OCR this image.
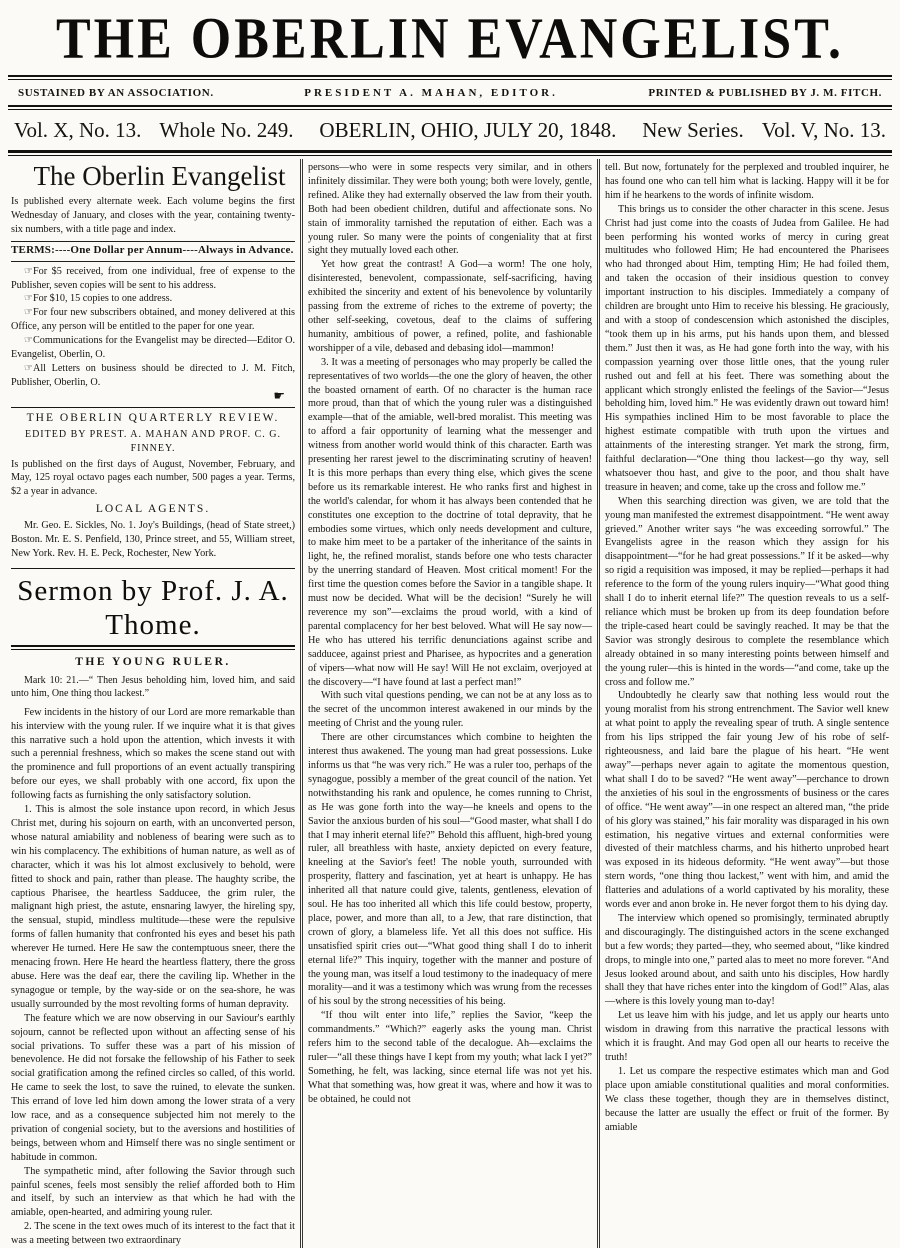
THE OBERLIN EVANGELIST.
SUSTAINED BY AN ASSOCIATION.	PRESIDENT A. MAHAN, EDITOR.	PRINTED & PUBLISHED BY J. M. FITCH.
Vol. X, No. 13. Whole No. 249. OBERLIN, OHIO, JULY 20, 1848. New Series. Vol. V, No. 13.

The Oberlin Evangelist

Is published every alternate week. Each volume begins the first Wednesday of January, and closes with the year, containing twenty-six numbers, with a title page and index.

TERMS:----One Dollar per Annum----Always in Advance.

☞For $5 received, from one individual, free of expense to the Publisher, seven copies will be sent to his address.

☞For $10, 15 copies to one address.

☞For four new subscribers obtained, and money delivered at this Office, any person will be entitled to the paper for one year.

☞Communications for the Evangelist may be directed—Editor O. Evangelist, Oberlin, O.

☞All Letters on business should be directed to J. M. Fitch, Publisher, Oberlin, O.

☛

THE OBERLIN QUARTERLY REVIEW.

EDITED BY PREST. A. MAHAN AND PROF. C. G. FINNEY.

Is published on the first days of August, November, February, and May, 125 royal octavo pages each number, 500 pages a year. Terms, $2 a year in advance.

LOCAL AGENTS.

Mr. Geo. E. Sickles, No. 1. Joy's Buildings, (head of State street,) Boston. Mr. E. S. Penfield, 130, Prince street, and 55, William street, New York. Rev. H. E. Peck, Rochester, New York.

Sermon by Prof. J. A. Thome.

THE YOUNG RULER.

Mark 10: 21.—“ Then Jesus beholding him, loved him, and said unto him, One thing thou lackest.”

Few incidents in the history of our Lord are more remarkable than his interview with the young ruler. If we inquire what it is that gives this narrative such a hold upon the attention, which invests it with such a perennial freshness, which so makes the scene stand out with the prominence and full proportions of an event actually transpiring before our eyes, we shall probably with one accord, fix upon the following facts as furnishing the only satisfactory solution.

1. This is almost the sole instance upon record, in which Jesus Christ met, during his sojourn on earth, with an unconverted person, whose natural amiability and nobleness of bearing were such as to win his complacency. The exhibitions of human nature, as well as of character, which it was his lot almost exclusively to behold, were fitted to shock and pain, rather than please. The haughty scribe, the captious Pharisee, the heartless Sadducee, the grim ruler, the malignant high priest, the astute, ensnaring lawyer, the hireling spy, the sensual, stupid, mindless multitude—these were the repulsive forms of fallen humanity that confronted his eyes and beset his path wherever He turned. Here He saw the contemptuous sneer, there the menacing frown. Here He heard the heartless flattery, there the gross abuse. Here was the deaf ear, there the caviling lip. Whether in the synagogue or temple, by the way-side or on the sea-shore, he was usually surrounded by the most revolting forms of human depravity.

The feature which we are now observing in our Saviour's earthly sojourn, cannot be reflected upon without an affecting sense of his social privations. To suffer these was a part of his mission of benevolence. He did not forsake the fellowship of his Father to seek social gratification among the refined circles so called, of this world. He came to seek the lost, to save the ruined, to elevate the sunken. This errand of love led him down among the lower strata of a very low race, and as a consequence subjected him not merely to the privation of congenial society, but to the aversions and hostilities of beings, between whom and Himself there was no single sentiment or habitude in common.

The sympathetic mind, after following the Savior through such painful scenes, feels most sensibly the relief afforded both to Him and itself, by such an interview as that which he had with the amiable, open-hearted, and admiring young ruler.

2. The scene in the text owes much of its interest to the fact that it was a meeting between two extraordinary

persons—who were in some respects very similar, and in others infinitely dissimilar. They were both young; both were lovely, gentle, refined. Alike they had externally observed the law from their youth. Both had been obedient children, dutiful and affectionate sons. No stain of immorality tarnished the reputation of either. Each was a young ruler. So many were the points of congeniality that at first sight they mutually loved each other.

Yet how great the contrast! A God—a worm! The one holy, disinterested, benevolent, compassionate, self-sacrificing, having exhibited the sincerity and extent of his benevolence by voluntarily passing from the extreme of riches to the extreme of poverty; the other self-seeking, covetous, deaf to the claims of suffering humanity, ambitious of power, a refined, polite, and fashionable worshipper of a vile, debased and debasing idol—mammon!

3. It was a meeting of personages who may properly be called the representatives of two worlds—the one the glory of heaven, the other the boasted ornament of earth. Of no character is the human race more proud, than that of which the young ruler was a distinguished example—that of the amiable, well-bred moralist. This meeting was to afford a fair opportunity of learning what the messenger and witness from another world would think of this character. Earth was presenting her rarest jewel to the discriminating scrutiny of heaven! It is this more perhaps than every thing else, which gives the scene before us its remarkable interest. He who ranks first and highest in the world's calendar, for whom it has always been contended that he constitutes one exception to the doctrine of total depravity, that he embodies some virtues, which only needs development and culture, to make him meet to be a partaker of the inheritance of the saints in light, he, the refined moralist, stands before one who tests character by the unerring standard of Heaven. Most critical moment! For the first time the question comes before the Savior in a tangible shape. It must now be decided. What will be the decision! “Surely he will reverence my son”—exclaims the proud world, with a kind of parental complacency for her best beloved. What will He say now—He who has uttered his terrific denunciations against scribe and sadducee, against priest and Pharisee, as hypocrites and a generation of vipers—what now will He say! Will He not exclaim, overjoyed at the discovery—“I have found at last a perfect man!”

With such vital questions pending, we can not be at any loss as to the secret of the uncommon interest awakened in our minds by the meeting of Christ and the young ruler.

There are other circumstances which combine to heighten the interest thus awakened. The young man had great possessions. Luke informs us that “he was very rich.” He was a ruler too, perhaps of the synagogue, possibly a member of the great council of the nation. Yet notwithstanding his rank and opulence, he comes running to Christ, as He was gone forth into the way—he kneels and opens to the Savior the anxious burden of his soul—“Good master, what shall I do that I may inherit eternal life?” Behold this affluent, high-bred young ruler, all breathless with haste, anxiety depicted on every feature, kneeling at the Savior's feet! The noble youth, surrounded with prosperity, flattery and fascination, yet at heart is unhappy. He has inherited all that nature could give, talents, gentleness, elevation of soul. He has too inherited all which this life could bestow, property, place, power, and more than all, to a Jew, that rare distinction, that crown of glory, a blameless life. Yet all this does not suffice. His unsatisfied spirit cries out—“What good thing shall I do to inherit eternal life?” This inquiry, together with the manner and posture of the young man, was itself a loud testimony to the inadequacy of mere morality—and it was a testimony which was wrung from the recesses of his soul by the strong necessities of his being.

“If thou wilt enter into life,” replies the Savior, “keep the commandments.” “Which?” eagerly asks the young man. Christ refers him to the second table of the decalogue. Ah—exclaims the ruler—“all these things have I kept from my youth; what lack I yet?” Something, he felt, was lacking, since eternal life was not yet his. What that something was, how great it was, where and how it was to be obtained, he could not

tell. But now, fortunately for the perplexed and troubled inquirer, he has found one who can tell him what is lacking. Happy will it be for him if he hearkens to the words of infinite wisdom.

This brings us to consider the other character in this scene. Jesus Christ had just come into the coasts of Judea from Galilee. He had been performing his wonted works of mercy in curing great multitudes who followed Him; He had encountered the Pharisees who had thronged about Him, tempting Him; He had foiled them, and taken the occasion of their insidious question to convey important instruction to his disciples. Immediately a company of children are brought unto Him to receive his blessing. He graciously, and with a stoop of condescension which astonished the disciples, “took them up in his arms, put his hands upon them, and blessed them.” Just then it was, as He had gone forth into the way, with his compassion yearning over those little ones, that the young ruler rushed out and fell at his feet. There was something about the applicant which strongly enlisted the feelings of the Savior—“Jesus beholding him, loved him.” He was evidently drawn out toward him! His sympathies inclined Him to be most favorable to place the highest estimate compatible with truth upon the virtues and attainments of the interesting stranger. Yet mark the strong, firm, faithful declaration—“One thing thou lackest—go thy way, sell whatsoever thou hast, and give to the poor, and thou shalt have treasure in heaven; and come, take up the cross and follow me.”

When this searching direction was given, we are told that the young man manifested the extremest disappointment. “He went away grieved.” Another writer says “he was exceeding sorrowful.” The Evangelists agree in the reason which they assign for his disappointment—“for he had great possessions.” If it be asked—why so rigid a requisition was imposed, it may be replied—perhaps it had reference to the form of the young rulers inquiry—“What good thing shall I do to inherit eternal life?” The question reveals to us a self-reliance which must be broken up from its deep foundation before the triple-cased heart could be savingly reached. It may be that the Savior was strongly desirous to complete the resemblance which already obtained in so many interesting points between himself and the young ruler—this is hinted in the words—“and come, take up the cross and follow me.”

Undoubtedly he clearly saw that nothing less would rout the young moralist from his strong entrenchment. The Savior well knew at what point to apply the revealing spear of truth. A single sentence from his lips stripped the fair young Jew of his robe of self-righteousness, and laid bare the plague of his heart. “He went away”—perhaps never again to agitate the momentous question, what shall I do to be saved? “He went away”—perchance to drown the anxieties of his soul in the engrossments of business or the cares of office. “He went away”—in one respect an altered man, “the pride of his glory was stained,” his fair morality was disparaged in his own estimation, his negative virtues and external conformities were divested of their matchless charms, and his hitherto unprobed heart was exposed in its hideous deformity. “He went away”—but those stern words, “one thing thou lackest,” went with him, and amid the flatteries and adulations of a world captivated by his morality, these words ever and anon broke in. He never forgot them to his dying day.

The interview which opened so promisingly, terminated abruptly and discouragingly. The distinguished actors in the scene exchanged but a few words; they parted—they, who seemed about, “like kindred drops, to mingle into one,” parted alas to meet no more forever. “And Jesus looked around about, and saith unto his disciples, How hardly shall they that have riches enter into the kingdom of God!” Alas, alas—where is this lovely young man to-day!

Let us leave him with his judge, and let us apply our hearts unto wisdom in drawing from this narrative the practical lessons with which it is fraught. And may God open all our hearts to receive the truth!

1. Let us compare the respective estimates which man and God place upon amiable constitutional qualities and moral conformities. We class these together, though they are in themselves distinct, because the latter are usually the effect or fruit of the former. By amiable
